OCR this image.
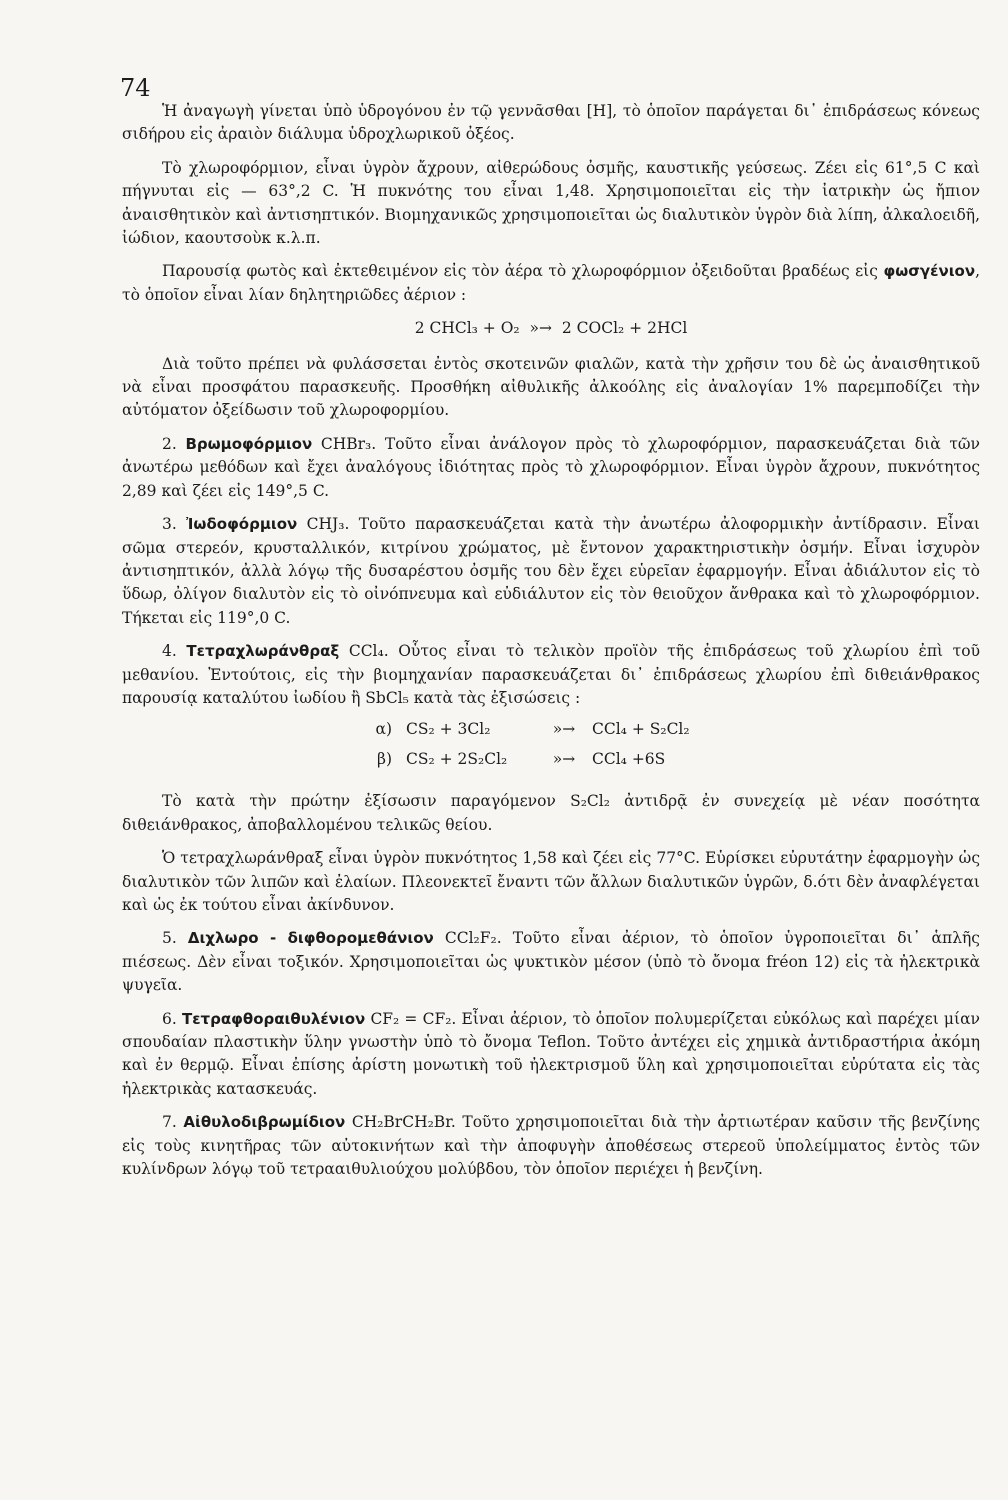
74

Ἡ ἀναγωγὴ γίνεται ὑπὸ ὑδρογόνου ἐν τῷ γεννᾶσθαι [Η], τὸ ὁποῖον παράγεται δι᾽ ἐπιδράσεως κόνεως σιδήρου εἰς ἀραιὸν διάλυμα ὑδροχλωρικοῦ ὀξέος.

Τὸ χλωροφόρμιον, εἶναι ὑγρὸν ἄχρουν, αἰθερώδους ὀσμῆς, καυστικῆς γεύσεως. Ζέει εἰς 61°,5 C καὶ πήγνυται εἰς — 63°,2 C. Ἡ πυκνότης του εἶναι 1,48. Χρησιμοποιεῖται εἰς τὴν ἰατρικὴν ὡς ἤπιον ἀναισθητικὸν καὶ ἀντισηπτικόν. Βιομηχανικῶς χρησιμοποιεῖται ὡς διαλυτικὸν ὑγρὸν διὰ λίπη, ἀλκαλοειδῆ, ἰώδιον, καουτσοὺκ κ.λ.π.

Παρουσίᾳ φωτὸς καὶ ἐκτεθειμένον εἰς τὸν ἀέρα τὸ χλωροφόρμιον ὀξειδοῦται βραδέως εἰς φωσγένιον, τὸ ὁποῖον εἶναι λίαν δηλητηριῶδες ἀέριον :

2 CHCl₃ + O₂ »→ 2 COCl₂ + 2HCl

Διὰ τοῦτο πρέπει νὰ φυλάσσεται ἐντὸς σκοτεινῶν φιαλῶν, κατὰ τὴν χρῆσιν του δὲ ὡς ἀναισθητικοῦ νὰ εἶναι προσφάτου παρασκευῆς. Προσθήκη αἰθυλικῆς ἀλκοόλης εἰς ἀναλογίαν 1% παρεμποδίζει τὴν αὐτόματον ὀξείδωσιν τοῦ χλωροφορμίου.

2. Βρωμοφόρμιον CHBr₃. Τοῦτο εἶναι ἀνάλογον πρὸς τὸ χλωροφόρμιον, παρασκευάζεται διὰ τῶν ἀνωτέρω μεθόδων καὶ ἔχει ἀναλόγους ἰδιότητας πρὸς τὸ χλωροφόρμιον. Εἶναι ὑγρὸν ἄχρουν, πυκνότητος 2,89 καὶ ζέει εἰς 149°,5 C.

3. Ἰωδοφόρμιον CHJ₃. Τοῦτο παρασκευάζεται κατὰ τὴν ἀνωτέρω ἀλοφορμικὴν ἀντίδρασιν. Εἶναι σῶμα στερεόν, κρυσταλλικόν, κιτρίνου χρώματος, μὲ ἔντονον χαρακτηριστικὴν ὀσμήν. Εἶναι ἰσχυρὸν ἀντισηπτικόν, ἀλλὰ λόγῳ τῆς δυσαρέστου ὀσμῆς του δὲν ἔχει εὑρεῖαν ἐφαρμογήν. Εἶναι ἀδιάλυτον εἰς τὸ ὕδωρ, ὀλίγον διαλυτὸν εἰς τὸ οἰνόπνευμα καὶ εὐδιάλυτον εἰς τὸν θειοῦχον ἄνθρακα καὶ τὸ χλωροφόρμιον. Τήκεται εἰς 119°,0 C.

4. Τετραχλωράνθραξ CCl₄. Οὗτος εἶναι τὸ τελικὸν προϊὸν τῆς ἐπιδράσεως τοῦ χλωρίου ἐπὶ τοῦ μεθανίου. Ἐντούτοις, εἰς τὴν βιομηχανίαν παρασκευάζεται δι᾽ ἐπιδράσεως χλωρίου ἐπὶ διθειάνθρακος παρουσίᾳ καταλύτου ἰωδίου ἢ SbCl₅ κατὰ τὰς ἐξισώσεις :

α) CS₂ + 3Cl₂	»→	CCl₄ + S₂Cl₂
β) CS₂ + 2S₂Cl₂	»→	CCl₄ +6S

Τὸ κατὰ τὴν πρώτην ἐξίσωσιν παραγόμενον S₂Cl₂ ἀντιδρᾷ ἐν συνεχείᾳ μὲ νέαν ποσότητα διθειάνθρακος, ἀποβαλλομένου τελικῶς θείου.

Ὁ τετραχλωράνθραξ εἶναι ὑγρὸν πυκνότητος 1,58 καὶ ζέει εἰς 77°C. Εὑρίσκει εὐρυτάτην ἐφαρμογὴν ὡς διαλυτικὸν τῶν λιπῶν καὶ ἐλαίων. Πλεονεκτεῖ ἔναντι τῶν ἄλλων διαλυτικῶν ὑγρῶν, δ.ότι δὲν ἀναφλέγεται καὶ ὡς ἐκ τούτου εἶναι ἀκίνδυνον.

5. Διχλωρο - διφθορομεθάνιον CCl₂F₂. Τοῦτο εἶναι ἀέριον, τὸ ὁποῖον ὑγροποιεῖται δι᾽ ἁπλῆς πιέσεως. Δὲν εἶναι τοξικόν. Χρησιμοποιεῖται ὡς ψυκτικὸν μέσον (ὑπὸ τὸ ὄνομα fréon 12) εἰς τὰ ἠλεκτρικὰ ψυγεῖα.

6. Τετραφθοραιθυλένιον CF₂ = CF₂. Εἶναι ἀέριον, τὸ ὁποῖον πολυμερίζεται εὐκόλως καὶ παρέχει μίαν σπουδαίαν πλαστικὴν ὕλην γνωστὴν ὑπὸ τὸ ὄνομα Teflon. Τοῦτο ἀντέχει εἰς χημικὰ ἀντιδραστήρια ἀκόμη καὶ ἐν θερμῷ. Εἶναι ἐπίσης ἀρίστη μονωτικὴ τοῦ ἠλεκτρισμοῦ ὕλη καὶ χρησιμοποιεῖται εὐρύτατα εἰς τὰς ἠλεκτρικὰς κατασκευάς.

7. Αἰθυλοδιβρωμίδιον CH₂BrCH₂Br. Τοῦτο χρησιμοποιεῖται διὰ τὴν ἀρτιωτέραν καῦσιν τῆς βενζίνης εἰς τοὺς κινητῆρας τῶν αὐτοκινήτων καὶ τὴν ἀποφυγὴν ἀποθέσεως στερεοῦ ὑπολείμματος ἐντὸς τῶν κυλίνδρων λόγῳ τοῦ τετρααιθυλιούχου μολύβδου, τὸν ὁποῖον περιέχει ἡ βενζίνη.
